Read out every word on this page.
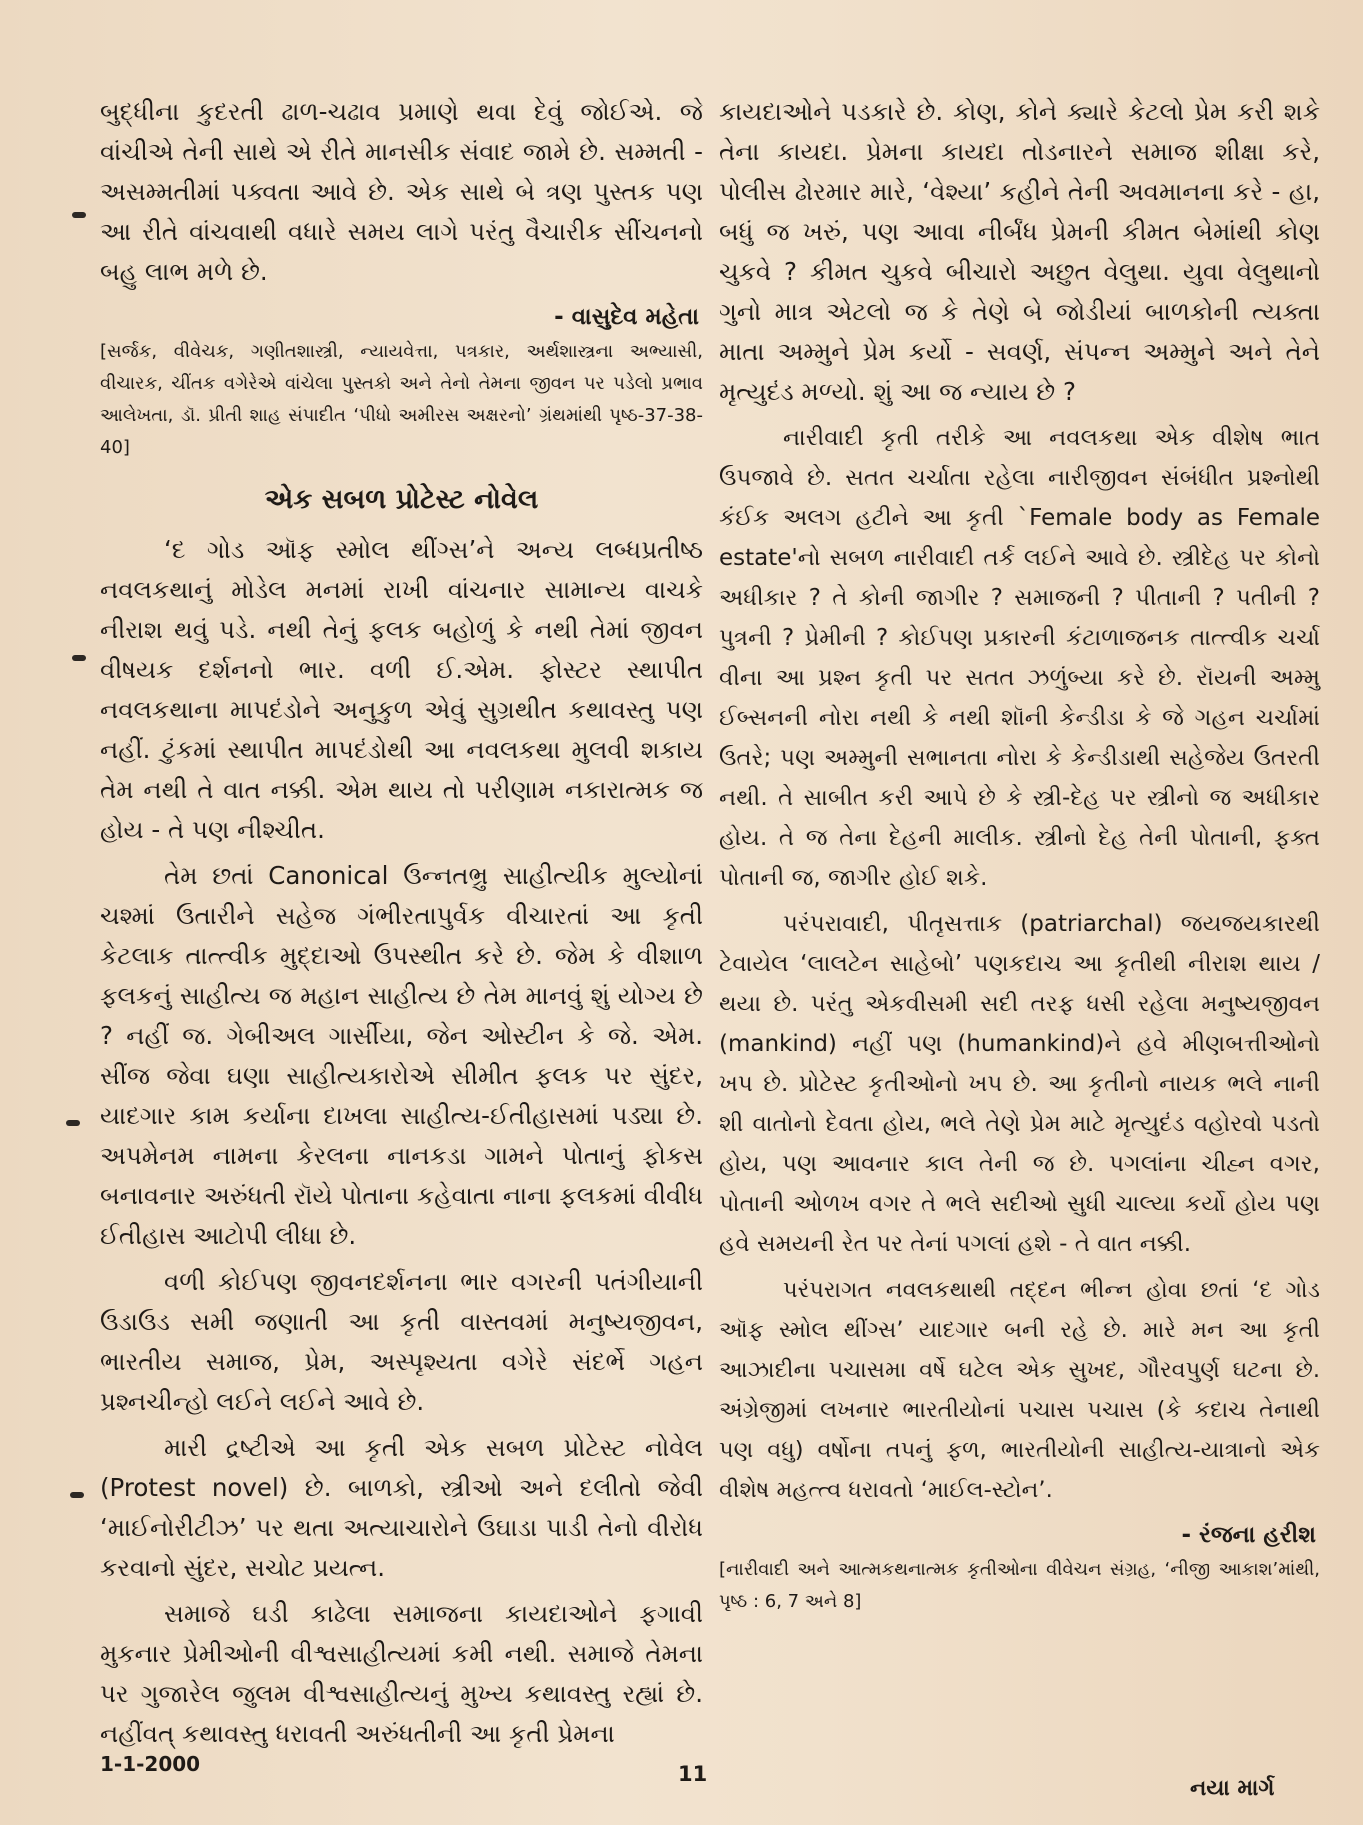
બુદ્ધીના કુદરતી ઢાળ-ચઢાવ પ્રમાણે થવા દેવું જોઈએ. જે વાંચીએ તેની સાથે એ રીતે માનસીક સંવાદ જામે છે. સમ્મતી - અસમ્મતીમાં પક્વતા આવે છે. એક સાથે બે ત્રણ પુસ્તક પણ આ રીતે વાંચવાથી વધારે સમય લાગે પરંતુ વૈચારીક સીંચનનો બહુ લાભ મળે છે.

- વાસુદેવ મહેતા

[સર્જક, વીવેચક, ગણીતશાસ્ત્રી, ન્યાયવેત્તા, પત્રકાર, અર્થશાસ્ત્રના અભ્યાસી, વીચારક, ચીંતક વગેરેએ વાંચેલા પુસ્તકો અને તેનો તેમના જીવન પર પડેલો પ્રભાવ આલેખતા, ડૉ. પ્રીતી શાહ સંપાદીત ‘પીધો અમીરસ અક્ષરનો’ ગ્રંથમાંથી પૃષ્ઠ-37-38-40]

એક સબળ પ્રોટેસ્ટ નોવેલ

‘દ ગોડ ઑફ સ્મોલ થીંગ્સ’ને અન્ય લબ્ધપ્રતીષ્ઠ નવલકથાનું મોડેલ મનમાં રાખી વાંચનાર સામાન્ય વાચકે નીરાશ થવું પડે. નથી તેનું ફલક બહોળું કે નથી તેમાં જીવન વીષયક દર્શનનો ભાર. વળી ઈ.એમ. ફોસ્ટર સ્થાપીત નવલકથાના માપદંડોને અનુકુળ એવું સુગ્રથીત કથાવસ્તુ પણ નહીં. ટુંકમાં સ્થાપીત માપદંડોથી આ નવલકથા મુલવી શકાય તેમ નથી તે વાત નક્કી. એમ થાય તો પરીણામ નકારાત્મક જ હોય - તે પણ નીશ્ચીત.

તેમ છતાં Canonical ઉન્નતભ્રુ સાહીત્યીક મુલ્યોનાં ચશ્માં ઉતારીને સહેજ ગંભીરતાપુર્વક વીચારતાં આ કૃતી કેટલાક તાત્ત્વીક મુદ્દાઓ ઉપસ્થીત કરે છે. જેમ કે વીશાળ ફલકનું સાહીત્ય જ મહાન સાહીત્ય છે તેમ માનવું શું યોગ્ય છે ? નહીં જ. ગેબીઅલ ગાર્સીયા, જેન ઓસ્ટીન કે જે. એમ. સીંજ જેવા ઘણા સાહીત્યકારોએ સીમીત ફલક પર સુંદર, યાદગાર કામ કર્યાના દાખલા સાહીત્ય-ઈતીહાસમાં પડ્યા છે. અપમેનમ નામના કેરલના નાનકડા ગામને પોતાનું ફોકસ બનાવનાર અરુંધતી રૉયે પોતાના કહેવાતા નાના ફલકમાં વીવીધ ઈતીહાસ આટોપી લીધા છે.

વળી કોઈપણ જીવનદર્શનના ભાર વગરની પતંગીયાની ઉડાઉડ સમી જણાતી આ કૃતી વાસ્તવમાં મનુષ્યજીવન, ભારતીય સમાજ, પ્રેમ, અસ્પૃશ્યતા વગેરે સંદર્ભે ગહન પ્રશ્નચીન્હો લઈને લઈને આવે છે.

મારી દ્રષ્ટીએ આ કૃતી એક સબળ પ્રોટેસ્ટ નોવેલ (Protest novel) છે. બાળકો, સ્ત્રીઓ અને દલીતો જેવી ‘માઈનોરીટીઝ’ પર થતા અત્યાચારોને ઉઘાડા પાડી તેનો વીરોધ કરવાનો સુંદર, સચોટ પ્રયત્ન.

સમાજે ઘડી કાઢેલા સમાજના કાયદાઓને ફગાવી મુકનાર પ્રેમીઓની વીશ્વસાહીત્યમાં કમી નથી. સમાજે તેમના પર ગુજારેલ જુલમ વીશ્વસાહીત્યનું મુખ્ય કથાવસ્તુ રહ્યાં છે. નહીંવત્ કથાવસ્તુ ધરાવતી અરુંધતીની આ કૃતી પ્રેમના

કાયદાઓને પડકારે છે. કોણ, કોને ક્યારે કેટલો પ્રેમ કરી શકે તેના કાયદા. પ્રેમના કાયદા તોડનારને સમાજ શીક્ષા કરે, પોલીસ ઢોરમાર મારે, ‘વેશ્યા’ કહીને તેની અવમાનના કરે - હા, બધું જ ખરું, પણ આવા નીર્બંધ પ્રેમની કીમત બેમાંથી કોણ ચુકવે ? કીમત ચુકવે બીચારો અછુત વેલુથા. યુવા વેલુથાનો ગુનો માત્ર એટલો જ કે તેણે બે જોડીયાં બાળકોની ત્યક્તા માતા અમ્મુને પ્રેમ કર્યો - સવર્ણ, સંપન્ન અમ્મુને અને તેને મૃત્યુદંડ મળ્યો. શું આ જ ન્યાય છે ?

નારીવાદી કૃતી તરીકે આ નવલકથા એક વીશેષ ભાત ઉપજાવે છે. સતત ચર્ચાતા રહેલા નારીજીવન સંબંધીત પ્રશ્નોથી કંઈક અલગ હટીને આ કૃતી `Female body as Female estate'નો સબળ નારીવાદી તર્ક લઈને આવે છે. સ્ત્રીદેહ પર કોનો અધીકાર ? તે કોની જાગીર ? સમાજની ? પીતાની ? પતીની ? પુત્રની ? પ્રેમીની ? કોઈપણ પ્રકારની કંટાળાજનક તાત્ત્વીક ચર્ચા વીના આ પ્રશ્ન કૃતી પર સતત ઝળુંબ્યા કરે છે. રૉયની અમ્મુ ઈબ્સનની નોરા નથી કે નથી શૉની કેન્ડીડા કે જે ગહન ચર્ચામાં ઉતરે; પણ અમ્મુની સભાનતા નોરા કે કેન્ડીડાથી સહેજેય ઉતરતી નથી. તે સાબીત કરી આપે છે કે સ્ત્રી-દેહ પર સ્ત્રીનો જ અધીકાર હોય. તે જ તેના દેહની માલીક. સ્ત્રીનો દેહ તેની પોતાની, ફક્ત પોતાની જ, જાગીર હોઈ શકે.

પરંપરાવાદી, પીતૃસત્તાક (patriarchal) જયજયકારથી ટેવાયેલ ‘લાલટેન સાહેબો’ પણકદાચ આ કૃતીથી નીરાશ થાય / થયા છે. પરંતુ એકવીસમી સદી તરફ ધસી રહેલા મનુષ્યજીવન (mankind) નહીં પણ (humankind)ને હવે મીણબત્તીઓનો ખપ છે. પ્રોટેસ્ટ કૃતીઓનો ખપ છે. આ કૃતીનો નાયક ભલે નાની શી વાતોનો દેવતા હોય, ભલે તેણે પ્રેમ માટે મૃત્યુદંડ વહોરવો પડતો હોય, પણ આવનાર કાલ તેની જ છે. પગલાંના ચીહ્ન વગર, પોતાની ઓળખ વગર તે ભલે સદીઓ સુધી ચાલ્યા કર્યો હોય પણ હવે સમયની રેત પર તેનાં પગલાં હશે - તે વાત નક્કી.

પરંપરાગત નવલકથાથી તદ્દન ભીન્ન હોવા છતાં ‘દ ગોડ ઑફ સ્મોલ થીંગ્સ’ યાદગાર બની રહે છે. મારે મન આ કૃતી આઝાદીના પચાસમા વર્ષે ઘટેલ એક સુખદ, ગૌરવપુર્ણ ઘટના છે. અંગ્રેજીમાં લખનાર ભારતીયોનાં પચાસ પચાસ (કે કદાચ તેનાથી પણ વધુ) વર્ષોના તપનું ફળ, ભારતીયોની સાહીત્ય-યાત્રાનો એક વીશેષ મહત્ત્વ ધરાવતો ‘માઈલ-સ્ટોન’.

- રંજના હરીશ

[નારીવાદી અને આત્મકથનાત્મક કૃતીઓના વીવેચન સંગ્રહ, ‘નીજી આકાશ’માંથી, પૃષ્ઠ : 6, 7 અને 8]

1-1-2000	11
નયા માર્ગ
